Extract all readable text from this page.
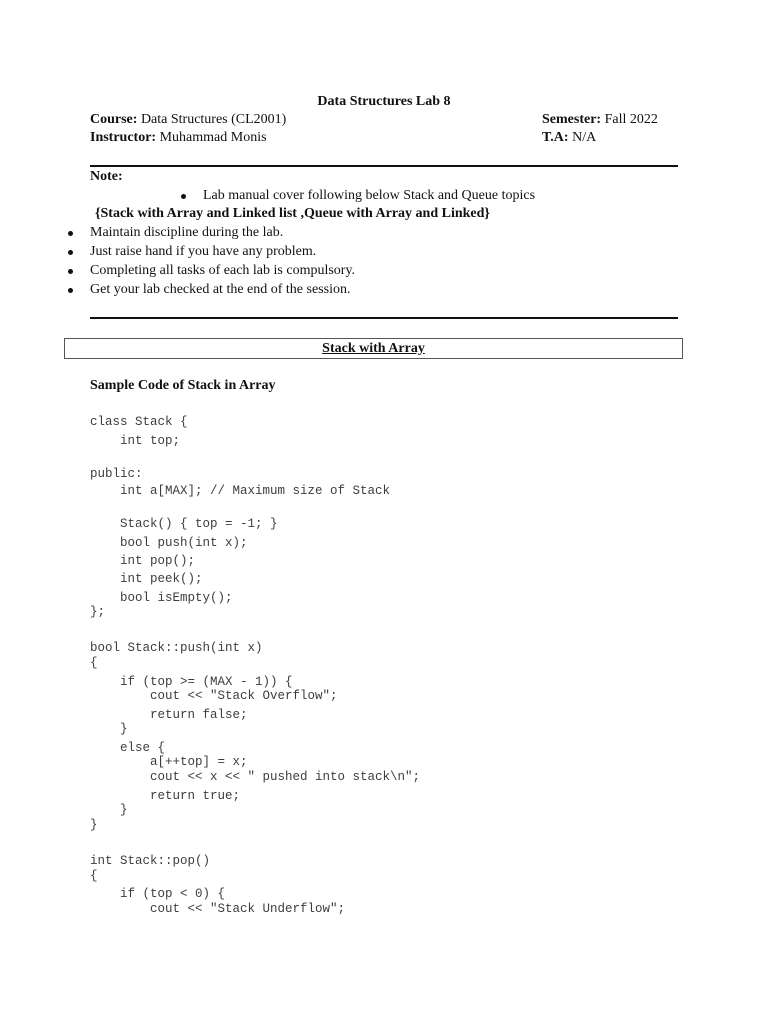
Data Structures Lab 8
Course: Data Structures (CL2001)	Semester: Fall 2022
Instructor: Muhammad Monis	T.A: N/A
Note:
Lab manual cover following below Stack and Queue topics
{Stack with Array and Linked list ,Queue with Array and Linked}
Maintain discipline during the lab.
Just raise hand if you have any problem.
Completing all tasks of each lab is compulsory.
Get your lab checked at the end of the session.
Stack with Array
Sample Code of Stack in Array
class Stack {
int top;
public:
int a[MAX]; // Maximum size of Stack
Stack() { top = -1; }
bool push(int x);
int pop();
int peek();
bool isEmpty();
};
bool Stack::push(int x)
{
if (top >= (MAX - 1)) {
cout << "Stack Overflow";
return false;
}
else {
a[++top] = x;
cout << x << " pushed into stack\n";
return true;
}
}
int Stack::pop()
{
if (top < 0) {
cout << "Stack Underflow";
